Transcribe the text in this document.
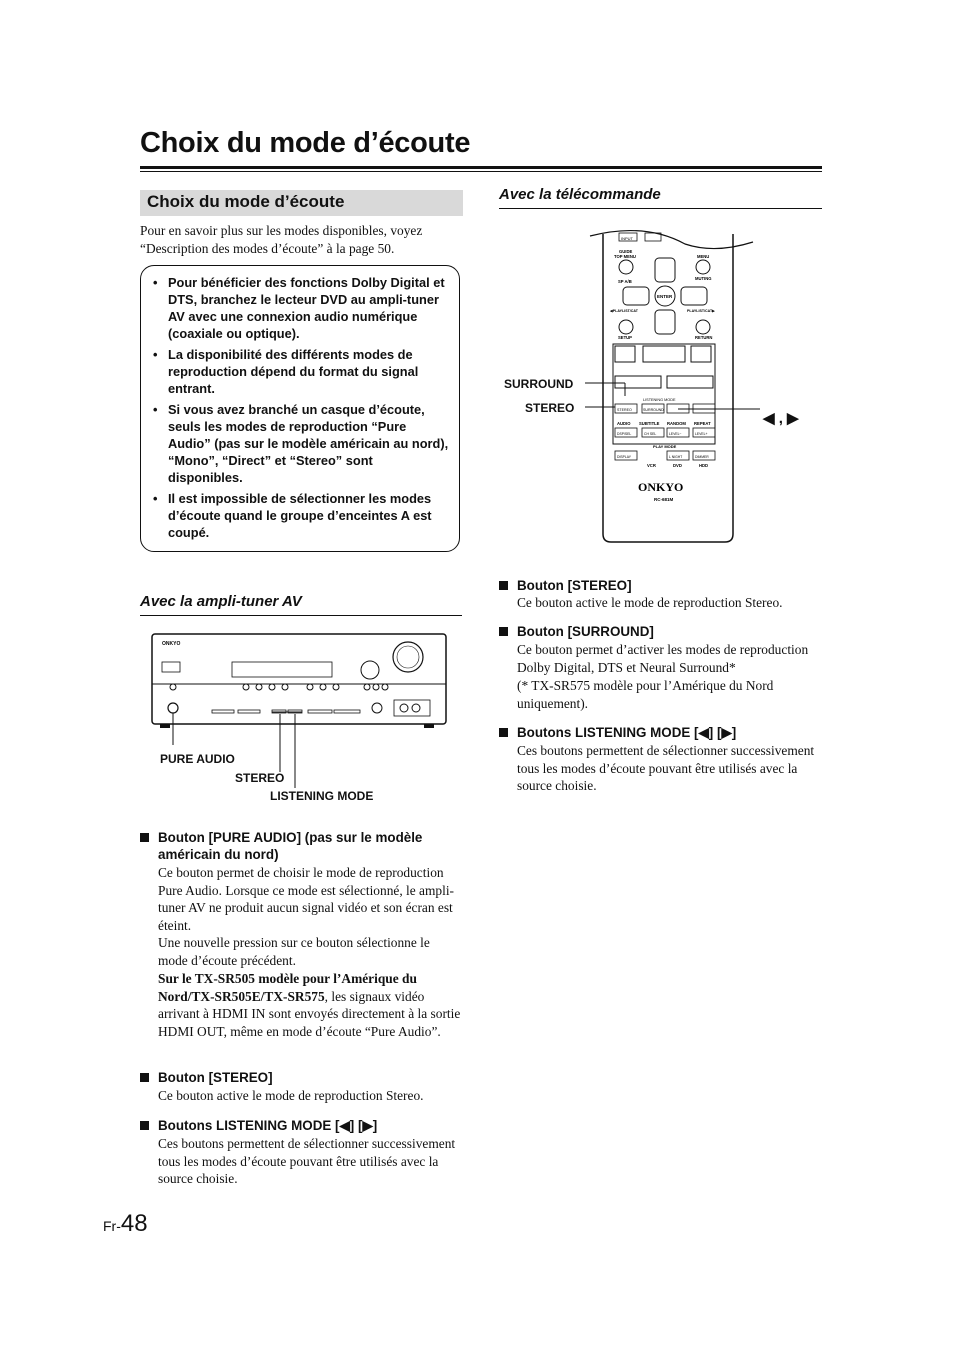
Choix du mode d’écoute
Choix du mode d’écoute

Pour en savoir plus sur les modes disponibles, voyez “Description des modes d’écoute” à la page 50.

• Pour bénéficier des fonctions Dolby Digital et DTS, branchez le lecteur DVD au ampli-tuner AV avec une connexion audio numérique (coaxiale ou optique).
• La disponibilité des différents modes de reproduction dépend du format du signal entrant.
• Si vous avez branché un casque d’écoute, seuls les modes de reproduction “Pure Audio” (pas sur le modèle américain au nord), “Mono”, “Direct” et “Stereo” sont disponibles.
• Il est impossible de sélectionner les modes d’écoute quand le groupe d’enceintes A est coupé.
Avec la ampli-tuner AV
ONKYO
PURE AUDIO
STEREO
LISTENING MODE
Bouton [PURE AUDIO] (pas sur le modèle américain du nord)

Ce bouton permet de choisir le mode de reproduction Pure Audio. Lorsque ce mode est sélectionné, le ampli-tuner AV ne produit aucun signal vidéo et son écran est éteint.

Une nouvelle pression sur ce bouton sélectionne le mode d’écoute précédent.

Sur le TX-SR505 modèle pour l’Amérique du Nord/TX-SR505E/TX-SR575, les signaux vidéo arrivant à HDMI IN sont envoyés directement à la sortie HDMI OUT, même en mode d’écoute “Pure Audio”.

Bouton [STEREO]

Ce bouton active le mode de reproduction Stereo.

Boutons LISTENING MODE [◀] [▶]

Ces boutons permettent de sélectionner successivement tous les modes d’écoute pouvant être utilisés avec la source choisie.

Avec la télécommande
INPUT
GUIDE
TOP MENU	MENU
SP A/B
MUTING
◀PLAYLIST/CAT	PLAYLIST/CAT▶
SETUP	RETURN
ENTER
LISTENING MODE
STEREO	SURROUND
AUDIO SUBTITLE RANDOM REPEAT
DSP/SEL	CH SEL	LEVEL−	LEVEL+
PLAY MODE
DISPLAY	L NIGHT	DIMMER
VCR	DVD	HDD
ONKYO
RC-681M
SURROUND
STEREO
◀ , ▶
Bouton [STEREO]

Ce bouton active le mode de reproduction Stereo.

Bouton [SURROUND]

Ce bouton permet d’activer les modes de reproduction Dolby Digital, DTS et Neural Surround*

(* TX-SR575 modèle pour l’Amérique du Nord uniquement).

Boutons LISTENING MODE [◀] [▶]

Ces boutons permettent de sélectionner successivement tous les modes d’écoute pouvant être utilisés avec la source choisie.

Fr-48
